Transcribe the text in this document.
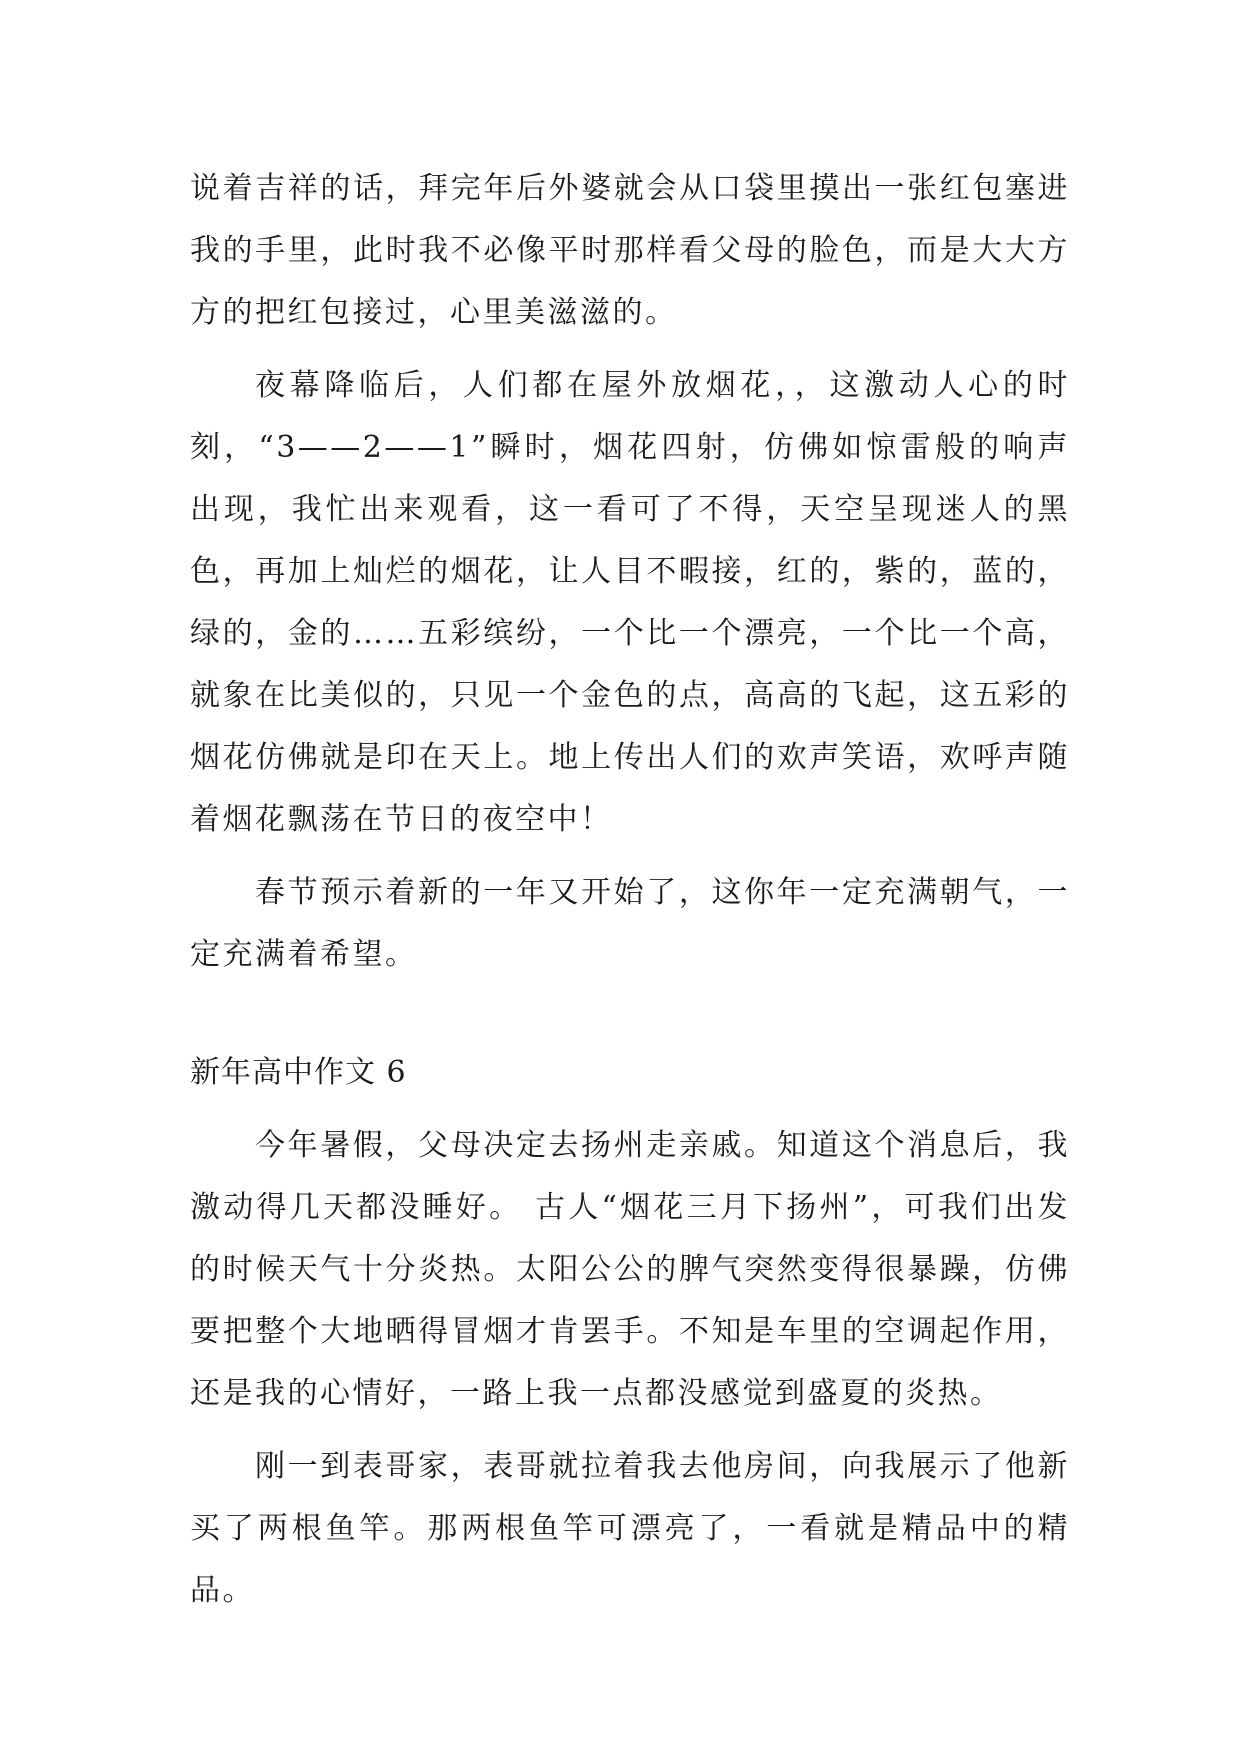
说着吉祥的话，拜完年后外婆就会从口袋里摸出一张红包塞进我的手里，此时我不必像平时那样看父母的脸色，而是大大方方的把红包接过，心里美滋滋的。

夜幕降临后，人们都在屋外放烟花，，这激动人心的时刻，“3——2——1”瞬时，烟花四射，仿佛如惊雷般的响声出现，我忙出来观看，这一看可了不得，天空呈现迷人的黑色，再加上灿烂的烟花，让人目不暇接，红的，紫的，蓝的，绿的，金的……五彩缤纷，一个比一个漂亮，一个比一个高，就象在比美似的，只见一个金色的点，高高的飞起，这五彩的烟花仿佛就是印在天上。地上传出人们的欢声笑语，欢呼声随着烟花飘荡在节日的夜空中！

春节预示着新的一年又开始了，这你年一定充满朝气，一定充满着希望。

新年高中作文 6

今年暑假，父母决定去扬州走亲戚。知道这个消息后，我激动得几天都没睡好。 古人“烟花三月下扬州”，可我们出发的时候天气十分炎热。太阳公公的脾气突然变得很暴躁，仿佛要把整个大地晒得冒烟才肯罢手。不知是车里的空调起作用，还是我的心情好，一路上我一点都没感觉到盛夏的炎热。

刚一到表哥家，表哥就拉着我去他房间，向我展示了他新买了两根鱼竿。那两根鱼竿可漂亮了，一看就是精品中的精品。
